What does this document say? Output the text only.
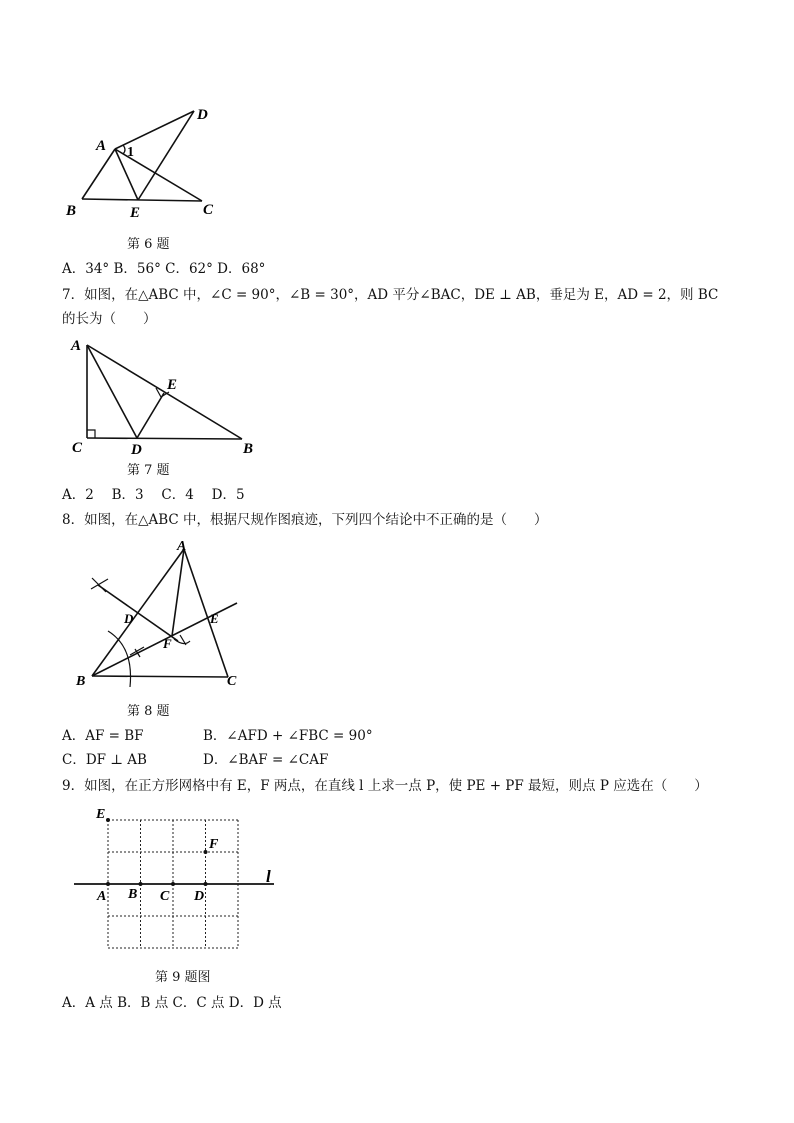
A 1
D
B	E	C
第 6 题
A．34° B．56° C．62° D．68°
7．如图，在△ABC 中，∠C = 90°，∠B = 30°，AD 平分∠BAC，DE ⊥ AB，垂足为 E，AD = 2，则 BC
的长为（　　）
A
E
C	D	B
第 7 题
A．2　 B．3　 C．4　 D．5
8．如图，在△ABC 中，根据尺规作图痕迹，下列四个结论中不正确的是（　　）
A
D	E
F
B	C
第 8 题
A．AF = BF	B．∠AFD + ∠FBC = 90°
C．DF ⊥ AB	D．∠BAF = ∠CAF
9．如图，在正方形网格中有 E，F 两点，在直线 l 上求一点 P，使 PE + PF 最短，则点 P 应选在（　　）
E
F
A B C D
l
第 9 题图
A．A 点 B．B 点 C．C 点 D．D 点
